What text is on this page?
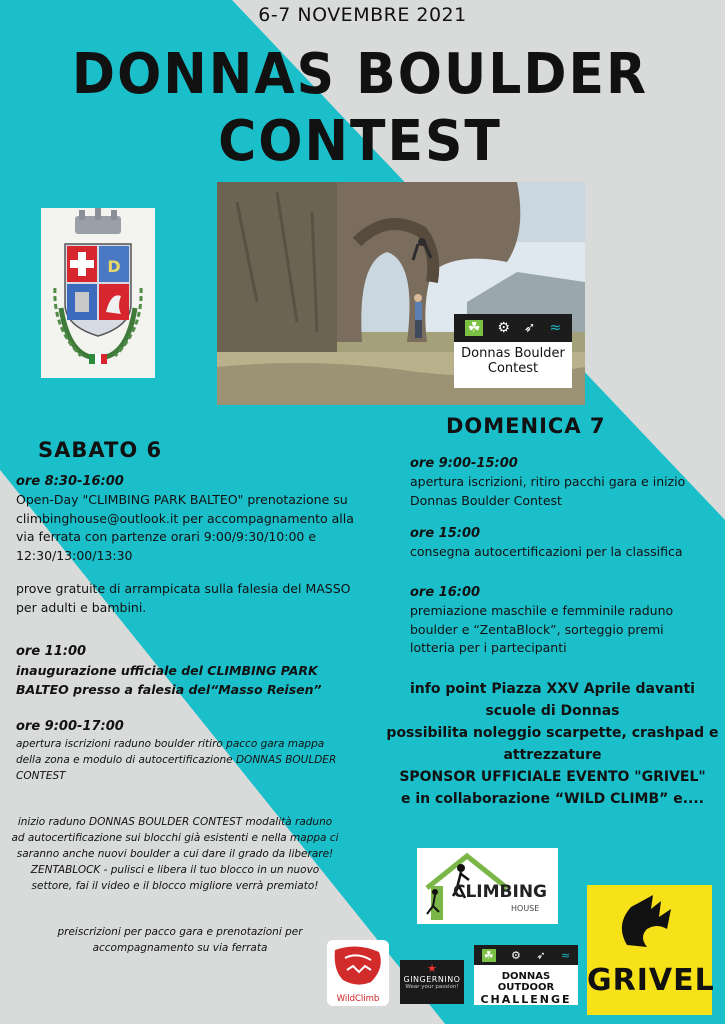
6-7 NOVEMBRE 2021
DONNAS BOULDER
CONTEST
D
☘ ⚙ ➶ ≈
Donnas Boulder
Contest
SABATO 6
ore 8:30-16:00
Open-Day "CLIMBING PARK BALTEO" prenotazione su climbinghouse@outlook.it per accompagnamento alla via ferrata con partenze orari 9:00/9:30/10:00 e 12:30/13:00/13:30
prove gratuite di arrampicata sulla falesia del MASSO per adulti e bambini.
ore 11:00
inaugurazione ufficiale del CLIMBING PARK BALTEO presso a falesia del“Masso Reisen”
ore 9:00-17:00
apertura iscrizioni raduno boulder ritiro pacco gara mappa della zona e modulo di autocertificazione DONNAS BOULDER CONTEST
inizio raduno DONNAS BOULDER CONTEST modalità raduno ad autocertificazione sui blocchi già esistenti e nella mappa ci saranno anche nuovi boulder a cui dare il grado da liberare! ZENTABLOCK - pulisci e libera il tuo blocco in un nuovo settore, fai il video e il blocco migliore verrà premiato!
preiscrizioni per pacco gara e prenotazioni per accompagnamento su via ferrata
DOMENICA 7
ore 9:00-15:00
apertura iscrizioni, ritiro pacchi gara e inizio Donnas Boulder Contest
ore 15:00
consegna autocertificazioni per la classifica
ore 16:00
premiazione maschile e femminile raduno boulder e “ZentaBlock”, sorteggio premi lotteria per i partecipanti
info point Piazza XXV Aprile davanti scuole di Donnas
possibilita noleggio scarpette, crashpad e attrezzature
SPONSOR UFFICIALE EVENTO "GRIVEL"
e in collaborazione “WILD CLIMB” e....
CLIMBING
HOUSE
WildClimb
★
GINGERNINO
Wear your passion!
☘ ⚙ ➶ ≈
DONNAS OUTDOOR
CHALLENGE
GRIVEL
